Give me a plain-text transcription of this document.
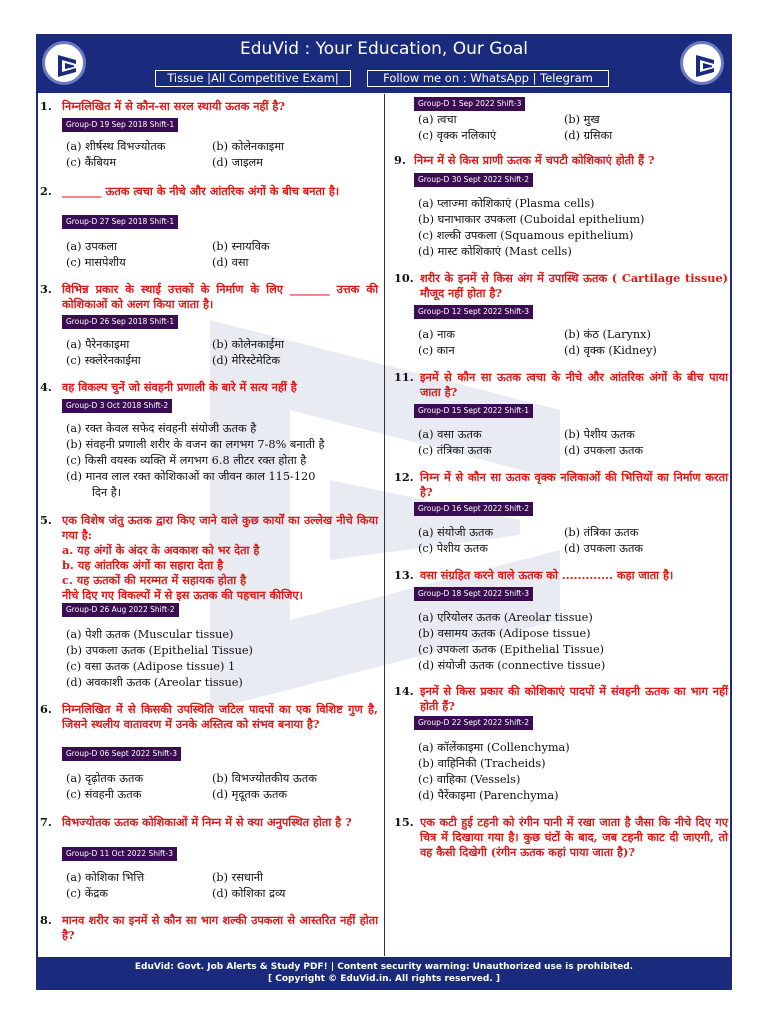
EduVid : Your Education, Our Goal
Tissue |All Competitive Exam|	Follow me on : WhatsApp | Telegram
1. निम्नलिखित में से कौन-सा सरल स्थायी ऊतक नहीं है?
Group-D 19 Sep 2018 Shift-1
(a) शीर्षस्थ विभज्योतक	(b) कोलेनकाइमा
(c) कैंबियम	(d) जाइलम
2. _______ ऊतक त्वचा के नीचे और आंतरिक अंगों के बीच बनता है।
Group-D 27 Sep 2018 Shift-1
(a) उपकला	(b) स्नायविक
(c) मासपेशीय	(d) वसा
3. विभिन्न प्रकार के स्थाई उत्तकों के निर्माण के लिए _______ उत्तक की कोशिकाओं को अलग किया जाता है।
Group-D 26 Sep 2018 Shift-1
(a) पैरेनकाइमा	(b) कोलेनकाईमा
(c) स्क्लेरेनकाईमा	(d) मेरिस्टेमेटिक
4. वह विकल्प चुनें जो संवहनी प्रणाली के बारे में सत्य नहीं है
Group-D 3 Oct 2018 Shift-2
(a) रक्त केवल सफेद संवहनी संयोजी ऊतक है
(b) संवहनी प्रणाली शरीर के वजन का लगभग 7-8% बनाती है
(c) किसी वयस्क व्यक्ति में लगभग 6.8 लीटर रक्त होता है
(d) मानव लाल रक्त कोशिकाओं का जीवन काल 115-120
दिन है।
5. एक विशेष जंतु ऊतक द्वारा किए जाने वाले कुछ कार्यों का उल्लेख नीचे किया गया है:
a. यह अंगों के अंदर के अवकाश को भर देता है
b. यह आंतरिक अंगों का सहारा देता है
c. यह ऊतकों की मरम्मत में सहायक होता है
नीचे दिए गए विकल्पों में से इस ऊतक की पहचान कीजिए।
Group-D 26 Aug 2022 Shift-2
(a) पेशी ऊतक (Muscular tissue)
(b) उपकला ऊतक (Epithelial Tissue)
(c) वसा ऊतक (Adipose tissue) 1
(d) अवकाशी ऊतक (Areolar tissue)
6. निम्नलिखित में से किसकी उपस्थिति जटिल पादपों का एक विशिष्ट गुण है, जिसने स्थलीय वातावरण में उनके अस्तित्व को संभव बनाया है?
Group-D 06 Sept 2022 Shift-3
(a) दृढ़ोतक ऊतक	(b) विभज्योतकीय ऊतक
(c) संवहनी ऊतक	(d) मृदूतक ऊतक
7. विभज्योतक ऊतक कोशिकाओं में निम्न में से क्या अनुपस्थित होता है ?
Group-D 11 Oct 2022 Shift-3
(a) कोशिका भित्ति	(b) रसधानी
(c) केंद्रक	(d) कोशिका द्रव्य
8. मानव शरीर का इनमें से कौन सा भाग शल्की उपकला से आस्तरित नहीं होता है?
Group-D 1 Sep 2022 Shift-3
(a) त्वचा	(b) मुख
(c) वृक्क नलिकाएं	(d) ग्रसिका
9. निम्न में से किस प्राणी ऊतक में चपटी कोशिकाएं होती हैं ?
Group-D 30 Sept 2022 Shift-2
(a) प्लाज्मा कोशिकाएं (Plasma cells)
(b) घनाभाकार उपकला (Cuboidal epithelium)
(c) शल्की उपकला (Squamous epithelium)
(d) मास्ट कोशिकाएं (Mast cells)
10. शरीर के इनमें से किस अंग में उपास्थि ऊतक ( Cartilage tissue) मौजूद नहीं होता है?
Group-D 12 Sept 2022 Shift-3
(a) नाक	(b) कंठ (Larynx)
(c) कान	(d) वृक्क (Kidney)
11. इनमें से कौन सा ऊतक त्वचा के नीचे और आंतरिक अंगों के बीच पाया जाता है?
Group-D 15 Sept 2022 Shift-1
(a) वसा ऊतक	(b) पेशीय ऊतक
(c) तंत्रिका ऊतक	(d) उपकला ऊतक
12. निम्न में से कौन सा ऊतक वृक्क नलिकाओं की भित्तियों का निर्माण करता है?
Group-D 16 Sept 2022 Shift-2
(a) संयोजी ऊतक	(b) तंत्रिका ऊतक
(c) पेशीय ऊतक	(d) उपकला ऊतक
13. वसा संग्रहित करने वाले ऊतक को ............. कहा जाता है।
Group-D 18 Sept 2022 Shift-3
(a) एरियोलर ऊतक (Areolar tissue)
(b) वसामय ऊतक (Adipose tissue)
(c) उपकला ऊतक (Epithelial Tissue)
(d) संयोजी ऊतक (connective tissue)
14. इनमें से किस प्रकार की कोशिकाएं पादपों में संवहनी ऊतक का भाग नहीं होती हैं?
Group-D 22 Sept 2022 Shift-2
(a) कॉलेंकाइमा (Collenchyma)
(b) वाहिनिकी (Tracheids)
(c) वाहिका (Vessels)
(d) पैरेंकाइमा (Parenchyma)
15. एक कटी हुई टहनी को रंगीन पानी में रखा जाता है जैसा कि नीचे दिए गए चित्र में दिखाया गया है। कुछ घंटों के बाद, जब टहनी काट दी जाएगी, तो वह कैसी दिखेगी (रंगीन ऊतक कहां पाया जाता है)?
EduVid: Govt. Job Alerts & Study PDF! | Content security warning: Unauthorized use is prohibited.
[ Copyright © EduVid.in. All rights reserved. ]
